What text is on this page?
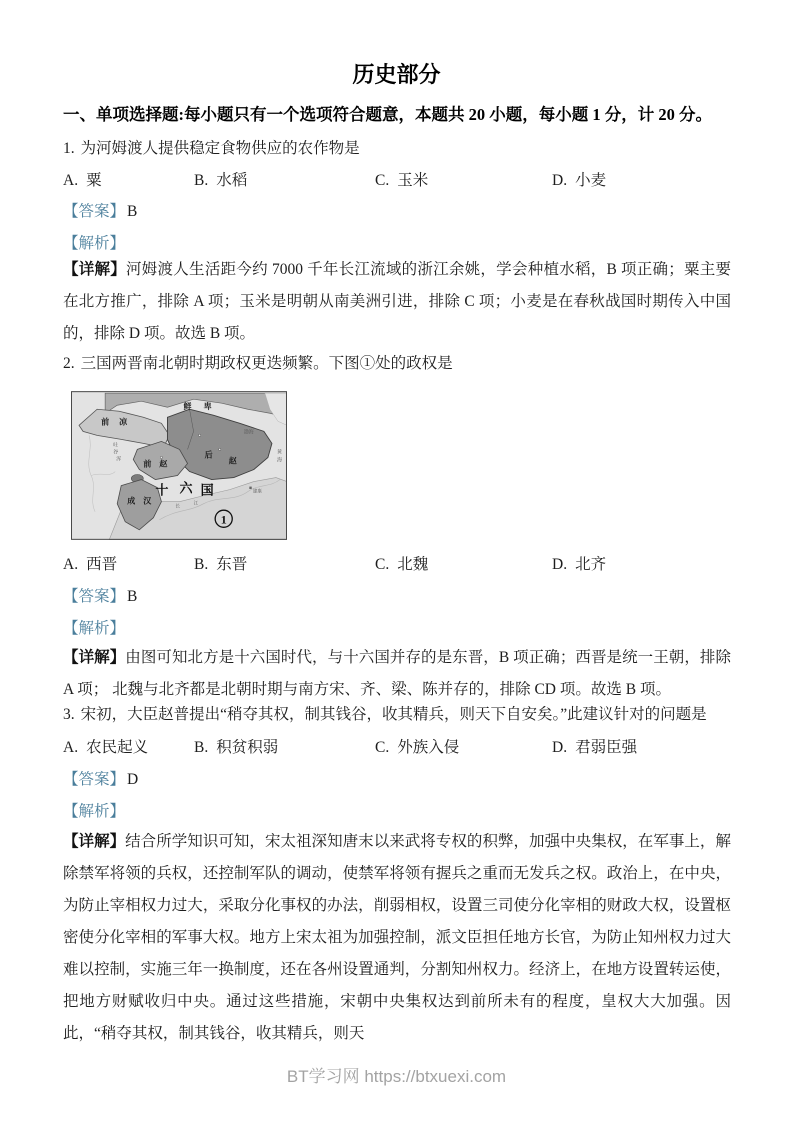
历史部分
一、单项选择题:每小题只有一个选项符合题意，本题共 20 小题，每小题 1 分，计 20 分。
1. 为河姆渡人提供稳定食物供应的农作物是
A. 粟	B. 水稻	C. 玉米	D. 小麦
【答案】 B
【解析】
【详解】河姆渡人生活距今约 7000 千年长江流域的浙江余姚，学会种植水稻，B 项正确；粟主要在北方推广，排除 A 项；玉米是明朝从南美洲引进，排除 C 项；小麦是在春秋战国时期传入中国的，排除 D 项。故选 B 项。
2. 三国两晋南北朝时期政权更迭频繁。下图①处的政权是
鲜 卑
前 凉
后
赵
前 赵
成 汉
十 六 国
1
渤海
黄
海
建康
长
江
吐
谷
浑
A. 西晋	B. 东晋	C. 北魏	D. 北齐
【答案】 B
【解析】
【详解】由图可知北方是十六国时代，与十六国并存的是东晋，B 项正确；西晋是统一王朝，排除 A 项； 北魏与北齐都是北朝时期与南方宋、齐、梁、陈并存的，排除 CD 项。故选 B 项。
3. 宋初，大臣赵普提出“稍夺其权，制其钱谷，收其精兵，则天下自安矣。”此建议针对的问题是
A. 农民起义	B. 积贫积弱	C. 外族入侵	D. 君弱臣强
【答案】 D
【解析】
【详解】结合所学知识可知，宋太祖深知唐末以来武将专权的积弊，加强中央集权，在军事上，解除禁军将领的兵权，还控制军队的调动，使禁军将领有握兵之重而无发兵之权。政治上，在中央，为防止宰相权力过大，采取分化事权的办法，削弱相权，设置三司使分化宰相的财政大权，设置枢密使分化宰相的军事大权。地方上宋太祖为加强控制，派文臣担任地方长官，为防止知州权力过大难以控制，实施三年一换制度，还在各州设置通判，分割知州权力。经济上，在地方设置转运使，把地方财赋收归中央。通过这些措施，宋朝中央集权达到前所未有的程度，皇权大大加强。因此，“稍夺其权，制其钱谷，收其精兵，则天
BT学习网 https://btxuexi.com
